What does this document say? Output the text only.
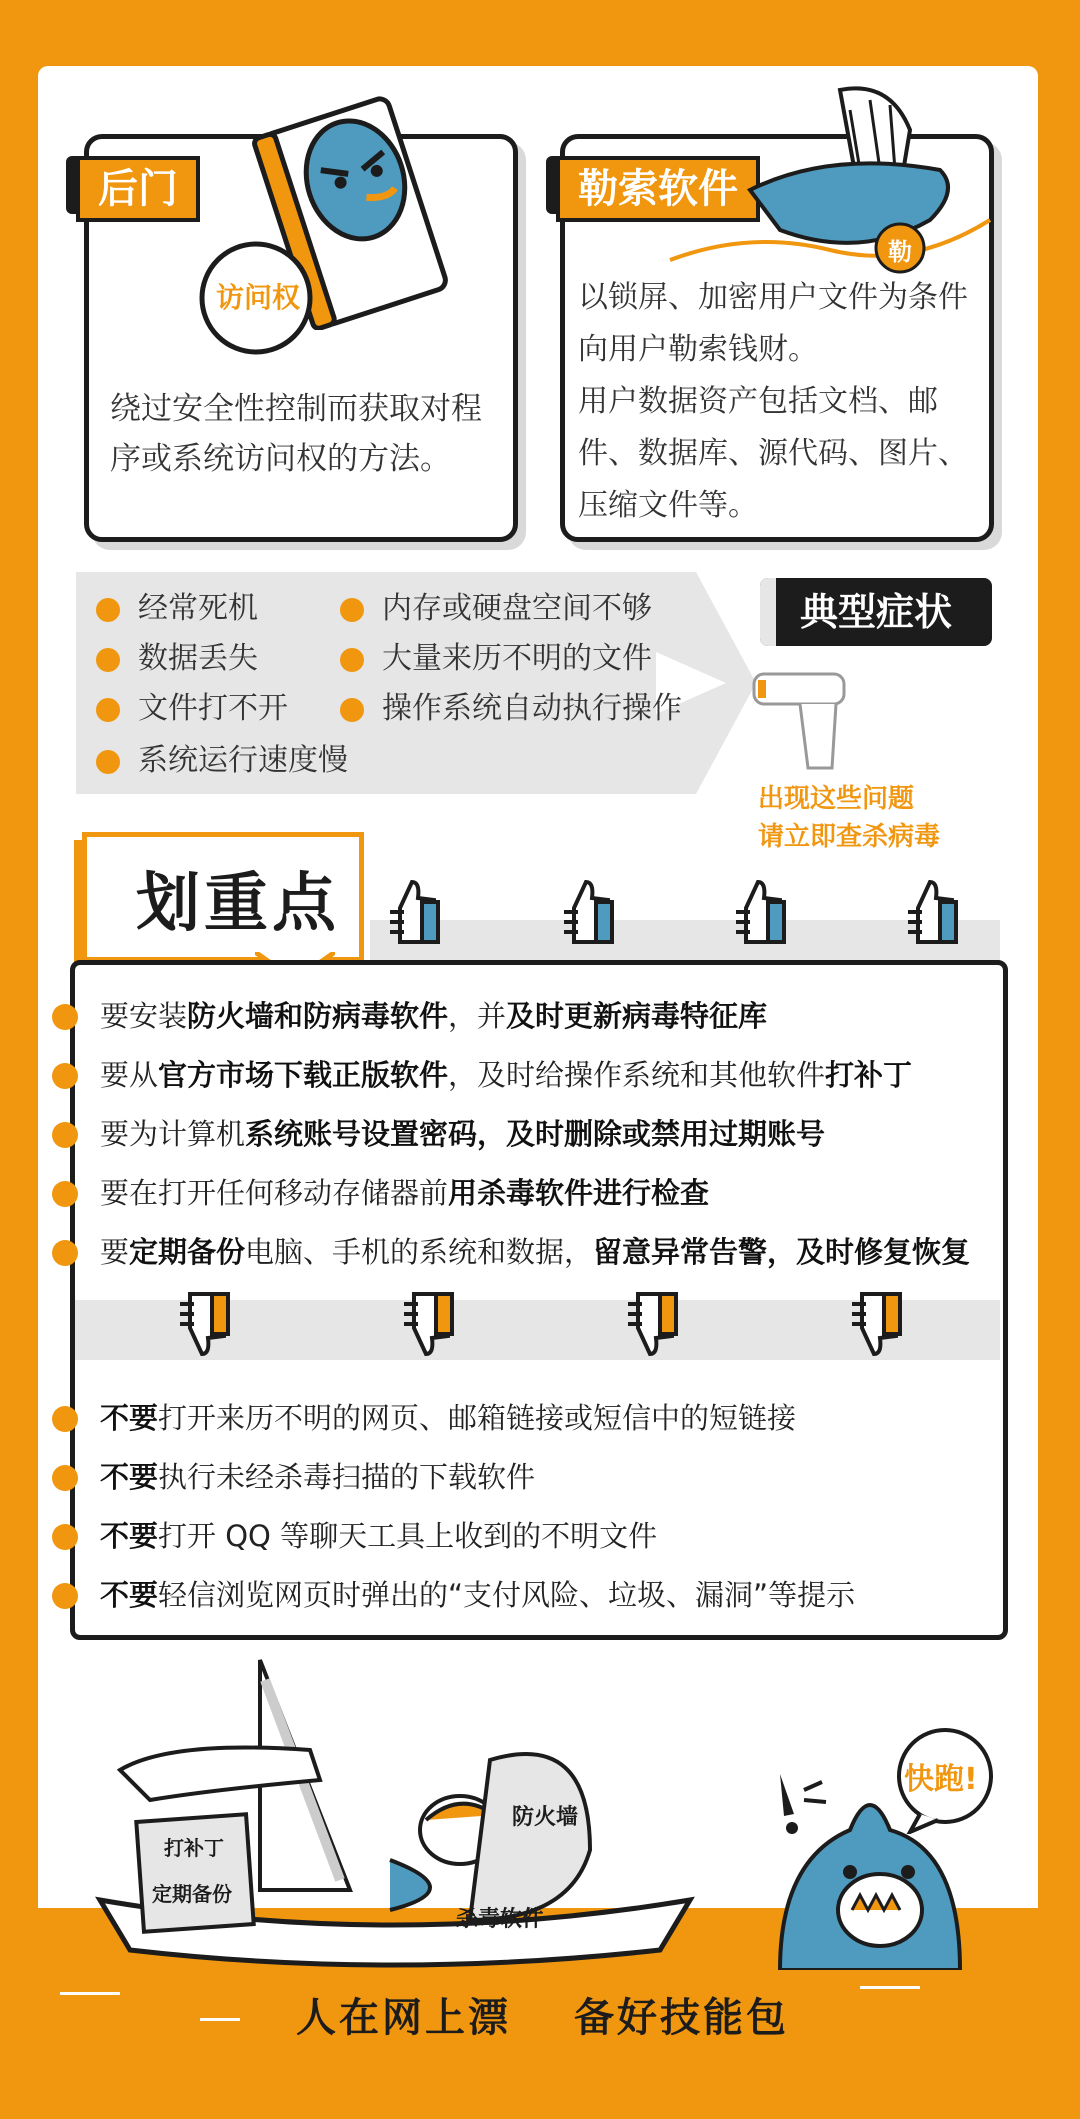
后门
访问权
绕过安全性控制而获取对程序或系统访问权的方法。
勒索软件
勒
以锁屏、加密用户文件为条件向用户勒索钱财。
用户数据资产包括文档、邮件、数据库、源代码、图片、压缩文件等。
经常死机
数据丢失
文件打不开
系统运行速度慢
内存或硬盘空间不够
大量来历不明的文件
操作系统自动执行操作
典型症状
出现这些问题
请立即查杀病毒
划重点
要安装防火墙和防病毒软件，并及时更新病毒特征库
要从官方市场下载正版软件，及时给操作系统和其他软件打补丁
要为计算机系统账号设置密码，及时删除或禁用过期账号
要在打开任何移动存储器前用杀毒软件进行检查
要定期备份电脑、手机的系统和数据，留意异常告警，及时修复恢复
不要打开来历不明的网页、邮箱链接或短信中的短链接
不要执行未经杀毒扫描的下载软件
不要打开 QQ 等聊天工具上收到的不明文件
不要轻信浏览网页时弹出的“支付风险、垃圾、漏洞”等提示
打补丁
定期备份
防火墙
杀毒软件
快跑!
人在网上漂 备好技能包
